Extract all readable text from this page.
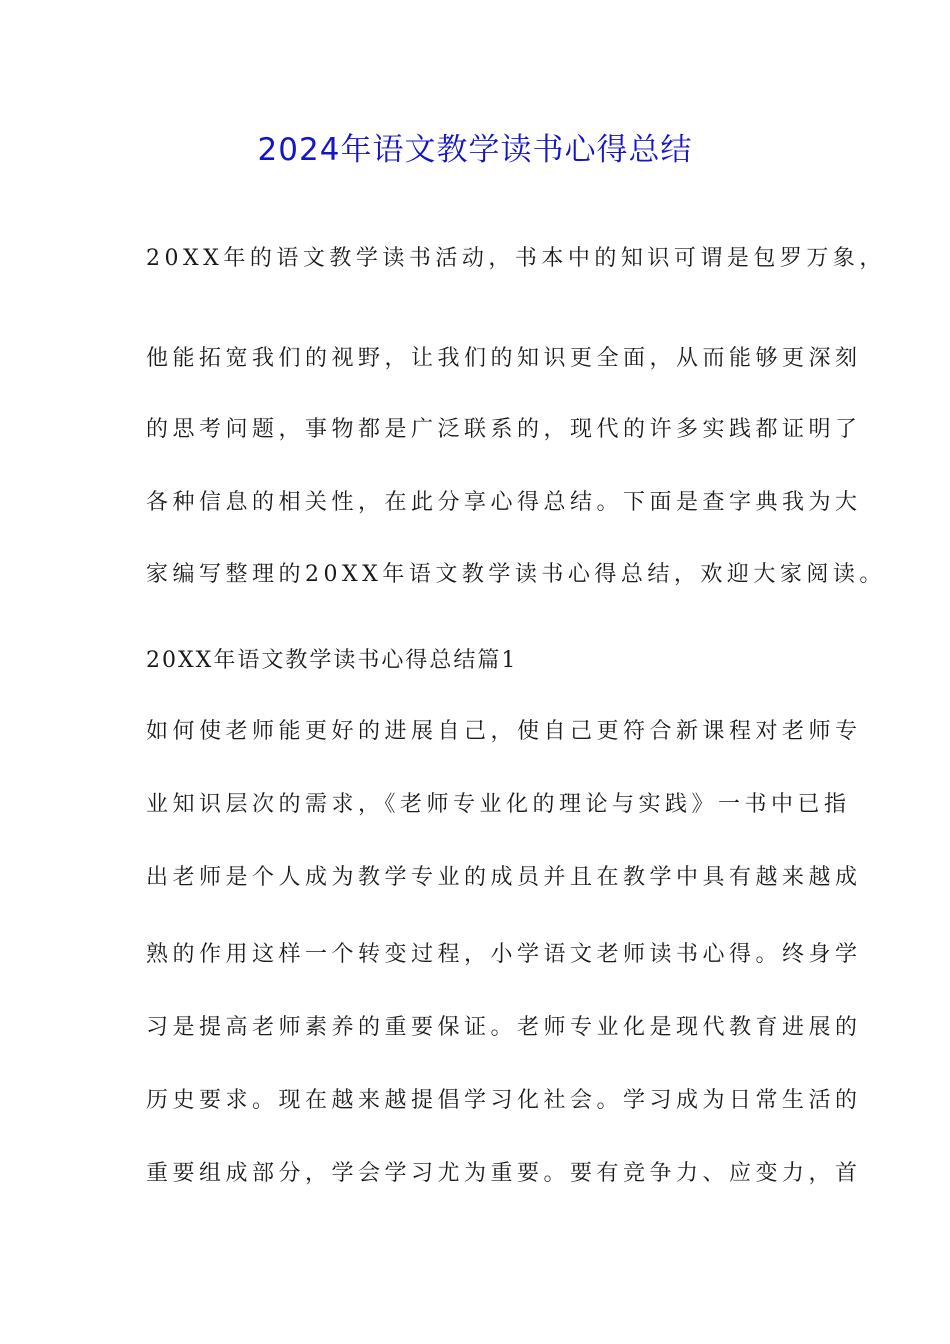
2024年语文教学读书心得总结

20XX年的语文教学读书活动，书本中的知识可谓是包罗万象，

他能拓宽我们的视野，让我们的知识更全面，从而能够更深刻

的思考问题，事物都是广泛联系的，现代的许多实践都证明了

各种信息的相关性，在此分享心得总结。下面是查字典我为大

家编写整理的20XX年语文教学读书心得总结，欢迎大家阅读。

20XX年语文教学读书心得总结篇1

如何使老师能更好的进展自己，使自己更符合新课程对老师专

业知识层次的需求，《老师专业化的理论与实践》一书中已指

出老师是个人成为教学专业的成员并且在教学中具有越来越成

熟的作用这样一个转变过程，小学语文老师读书心得。终身学

习是提高老师素养的重要保证。老师专业化是现代教育进展的

历史要求。现在越来越提倡学习化社会。学习成为日常生活的

重要组成部分，学会学习尤为重要。要有竞争力、应变力，首
